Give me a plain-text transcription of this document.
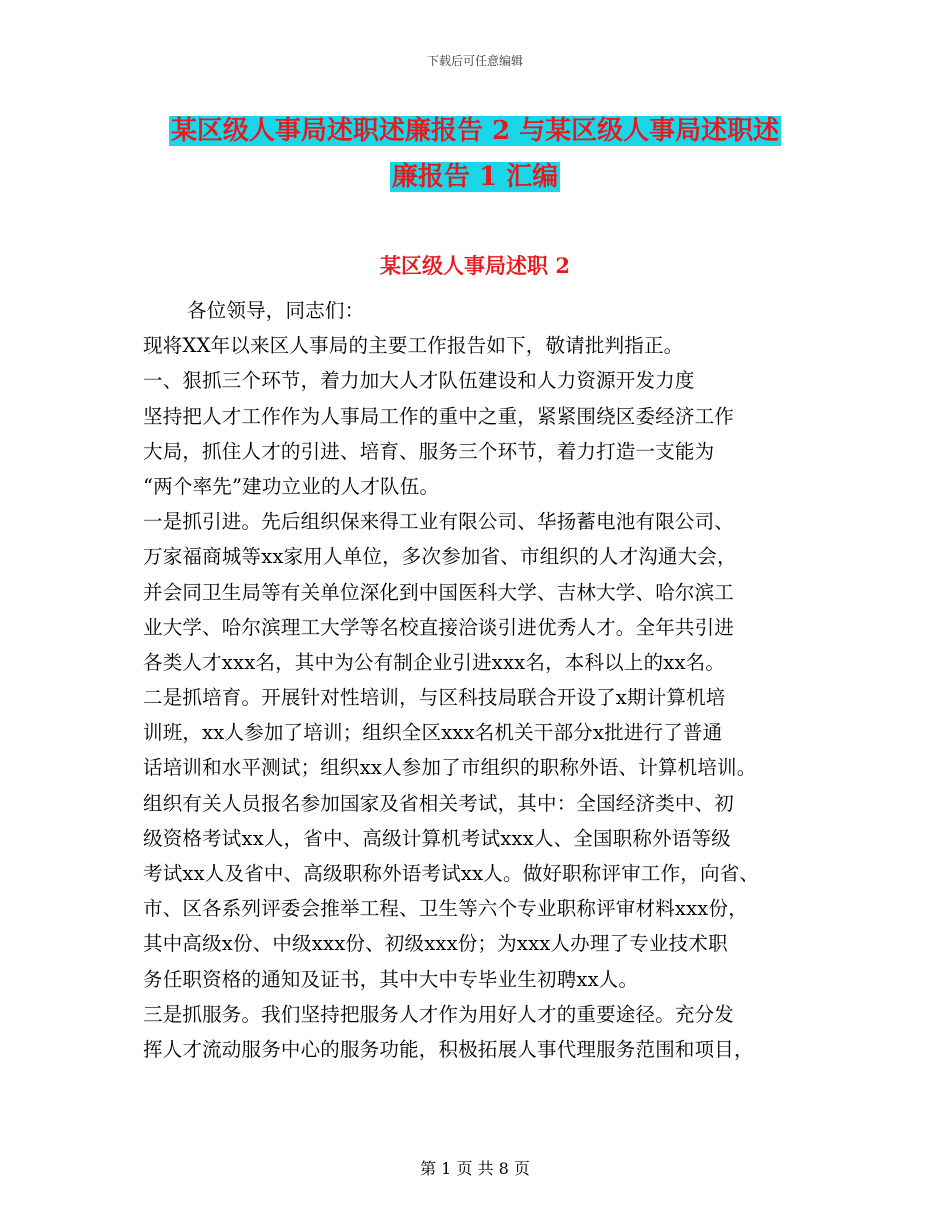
下载后可任意编辑
某区级人事局述职述廉报告 2 与某区级人事局述职述
廉报告 1 汇编
某区级人事局述职 2
各位领导，同志们：
现将XX年以来区人事局的主要工作报告如下，敬请批判指正。
一、狠抓三个环节，着力加大人才队伍建设和人力资源开发力度
坚持把人才工作作为人事局工作的重中之重，紧紧围绕区委经济工作
大局，抓住人才的引进、培育、服务三个环节，着力打造一支能为
“两个率先”建功立业的人才队伍。
一是抓引进。先后组织保来得工业有限公司、华扬蓄电池有限公司、
万家福商城等xx家用人单位，多次参加省、市组织的人才沟通大会，
并会同卫生局等有关单位深化到中国医科大学、吉林大学、哈尔滨工
业大学、哈尔滨理工大学等名校直接洽谈引进优秀人才。全年共引进
各类人才xxx名，其中为公有制企业引进xxx名，本科以上的xx名。
二是抓培育。开展针对性培训，与区科技局联合开设了x期计算机培
训班，xx人参加了培训；组织全区xxx名机关干部分x批进行了普通
话培训和水平测试；组织xx人参加了市组织的职称外语、计算机培训。
组织有关人员报名参加国家及省相关考试，其中：全国经济类中、初
级资格考试xx人，省中、高级计算机考试xxx人、全国职称外语等级
考试xx人及省中、高级职称外语考试xx人。做好职称评审工作，向省、
市、区各系列评委会推举工程、卫生等六个专业职称评审材料xxx份，
其中高级x份、中级xxx份、初级xxx份；为xxx人办理了专业技术职
务任职资格的通知及证书，其中大中专毕业生初聘xx人。
三是抓服务。我们坚持把服务人才作为用好人才的重要途径。充分发
挥人才流动服务中心的服务功能，积极拓展人事代理服务范围和项目，
第 1 页 共 8 页
